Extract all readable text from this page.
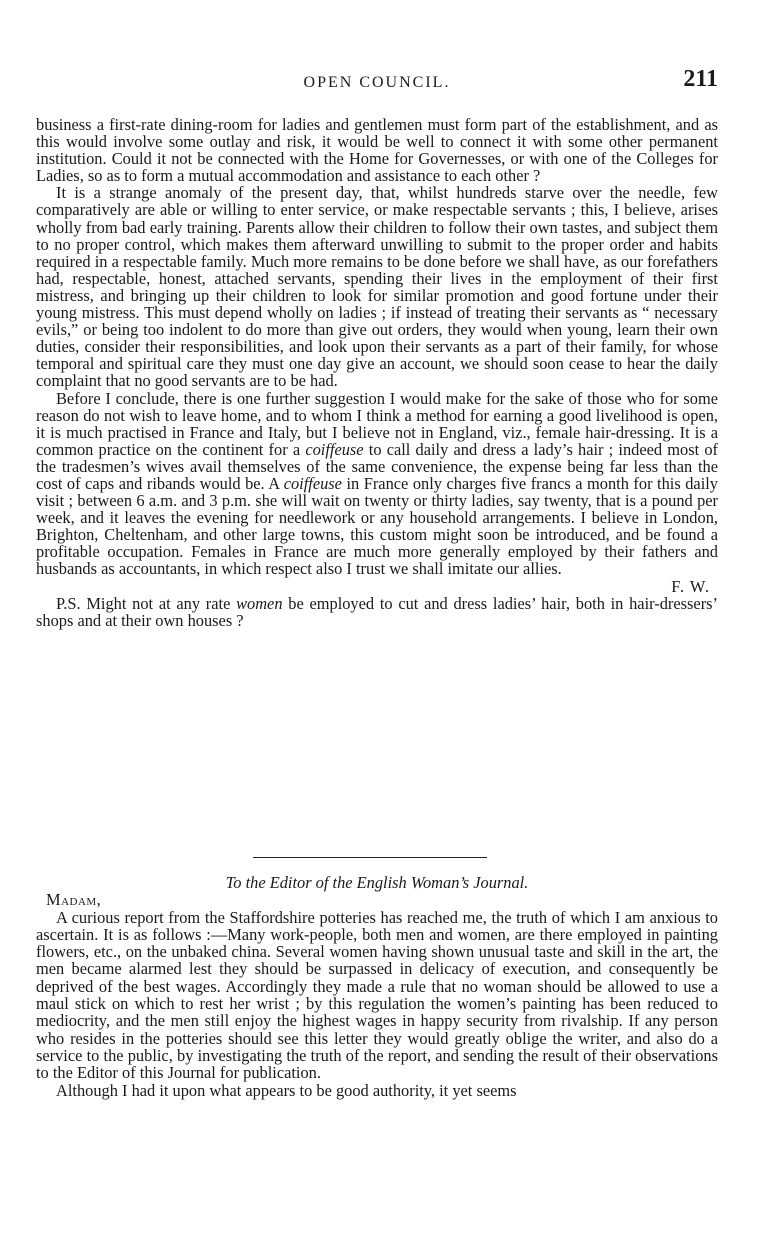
OPEN COUNCIL.	211

business a first-rate dining-room for ladies and gentlemen must form part of the establishment, and as this would involve some outlay and risk, it would be well to connect it with some other permanent institution. Could it not be connected with the Home for Governesses, or with one of the Colleges for Ladies, so as to form a mutual accommodation and assistance to each other ?

It is a strange anomaly of the present day, that, whilst hundreds starve over the needle, few comparatively are able or willing to enter service, or make respectable servants ; this, I believe, arises wholly from bad early training. Parents allow their children to follow their own tastes, and subject them to no proper control, which makes them afterward unwilling to submit to the proper order and habits required in a respectable family. Much more remains to be done before we shall have, as our forefathers had, respectable, honest, attached servants, spending their lives in the employment of their first mistress, and bringing up their children to look for similar promotion and good fortune under their young mistress. This must depend wholly on ladies ; if instead of treating their servants as “ necessary evils,” or being too indolent to do more than give out orders, they would when young, learn their own duties, consider their responsibilities, and look upon their servants as a part of their family, for whose temporal and spiritual care they must one day give an account, we should soon cease to hear the daily complaint that no good servants are to be had.

Before I conclude, there is one further suggestion I would make for the sake of those who for some reason do not wish to leave home, and to whom I think a method for earning a good livelihood is open, it is much practised in France and Italy, but I believe not in England, viz., female hair-dressing. It is a common practice on the continent for a coiffeuse to call daily and dress a lady’s hair ; indeed most of the tradesmen’s wives avail themselves of the same convenience, the expense being far less than the cost of caps and ribands would be. A coiffeuse in France only charges five francs a month for this daily visit ; between 6 a.m. and 3 p.m. she will wait on twenty or thirty ladies, say twenty, that is a pound per week, and it leaves the evening for needlework or any household arrangements. I believe in London, Brighton, Cheltenham, and other large towns, this custom might soon be introduced, and be found a profitable occupation. Females in France are much more generally employed by their fathers and husbands as accountants, in which respect also I trust we shall imitate our allies.

F. W.

P.S. Might not at any rate women be employed to cut and dress ladies’ hair, both in hair-dressers’ shops and at their own houses ?

To the Editor of the English Woman’s Journal.

Madam,

A curious report from the Staffordshire potteries has reached me, the truth of which I am anxious to ascertain. It is as follows :—Many work-people, both men and women, are there employed in painting flowers, etc., on the unbaked china. Several women having shown unusual taste and skill in the art, the men became alarmed lest they should be surpassed in delicacy of execution, and consequently be deprived of the best wages. Accordingly they made a rule that no woman should be allowed to use a maul stick on which to rest her wrist ; by this regulation the women’s painting has been reduced to mediocrity, and the men still enjoy the highest wages in happy security from rivalship. If any person who resides in the potteries should see this letter they would greatly oblige the writer, and also do a service to the public, by investigating the truth of the report, and sending the result of their observations to the Editor of this Journal for publication.

Although I had it upon what appears to be good authority, it yet seems
